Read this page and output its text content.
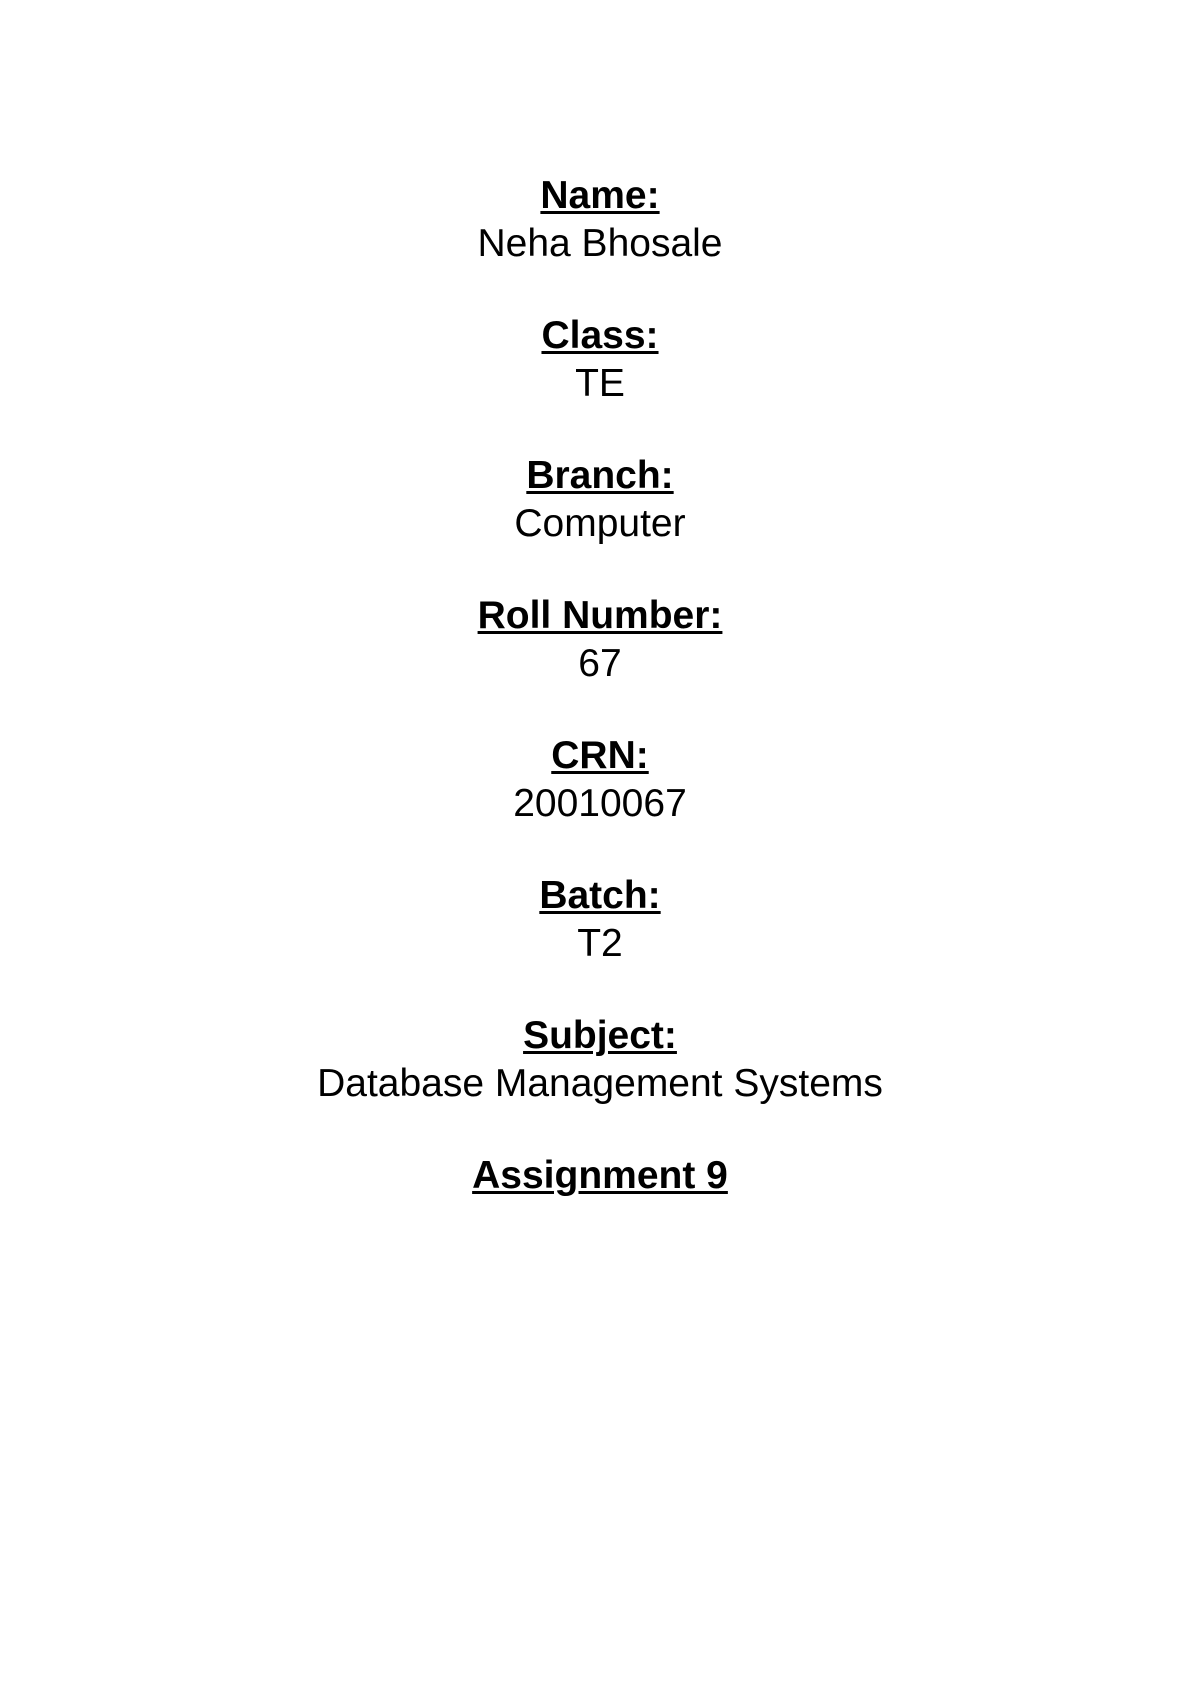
Name:
Neha Bhosale
Class:
TE
Branch:
Computer
Roll Number:
67
CRN:
20010067
Batch:
T2
Subject:
Database Management Systems
Assignment 9
